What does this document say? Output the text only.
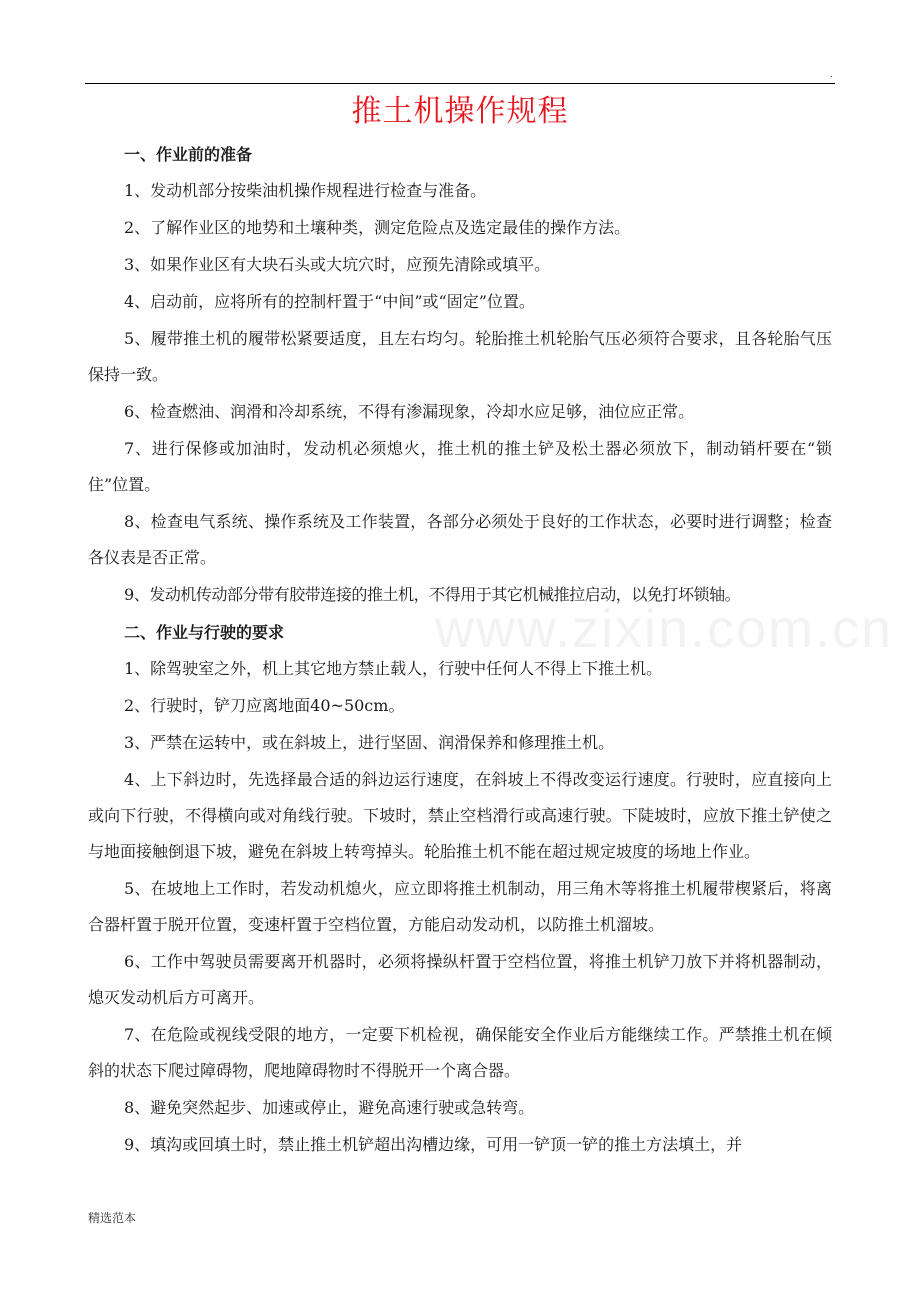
.
推土机操作规程
www.zixin.com.cn
一、作业前的准备
1、发动机部分按柴油机操作规程进行检查与准备。
2、了解作业区的地势和土壤种类，测定危险点及选定最佳的操作方法。
3、如果作业区有大块石头或大坑穴时，应预先清除或填平。
4、启动前，应将所有的控制杆置于“中间”或“固定”位置。
5、履带推土机的履带松紧要适度，且左右均匀。轮胎推土机轮胎气压必须符合要求，且各轮胎气压保持一致。
6、检查燃油、润滑和冷却系统，不得有渗漏现象，冷却水应足够，油位应正常。
7、进行保修或加油时，发动机必须熄火，推土机的推土铲及松土器必须放下，制动销杆要在“锁住”位置。
8、检查电气系统、操作系统及工作装置，各部分必须处于良好的工作状态，必要时进行调整；检查各仪表是否正常。
9、发动机传动部分带有胶带连接的推土机，不得用于其它机械推拉启动，以免打坏锁轴。
二、作业与行驶的要求
1、除驾驶室之外，机上其它地方禁止载人，行驶中任何人不得上下推土机。
2、行驶时，铲刀应离地面40~50cm。
3、严禁在运转中，或在斜坡上，进行坚固、润滑保养和修理推土机。
4、上下斜边时，先选择最合适的斜边运行速度，在斜坡上不得改变运行速度。行驶时，应直接向上或向下行驶，不得横向或对角线行驶。下坡时，禁止空档滑行或高速行驶。下陡坡时，应放下推土铲使之与地面接触倒退下坡，避免在斜坡上转弯掉头。轮胎推土机不能在超过规定坡度的场地上作业。
5、在坡地上工作时，若发动机熄火，应立即将推土机制动，用三角木等将推土机履带楔紧后，将离合器杆置于脱开位置，变速杆置于空档位置，方能启动发动机，以防推土机溜坡。
6、工作中驾驶员需要离开机器时，必须将操纵杆置于空档位置，将推土机铲刀放下并将机器制动，熄灭发动机后方可离开。
7、在危险或视线受限的地方，一定要下机检视，确保能安全作业后方能继续工作。严禁推土机在倾斜的状态下爬过障碍物，爬地障碍物时不得脱开一个离合器。
8、避免突然起步、加速或停止，避免高速行驶或急转弯。
9、填沟或回填土时，禁止推土机铲超出沟槽边缘，可用一铲顶一铲的推土方法填土，并
精选范本
